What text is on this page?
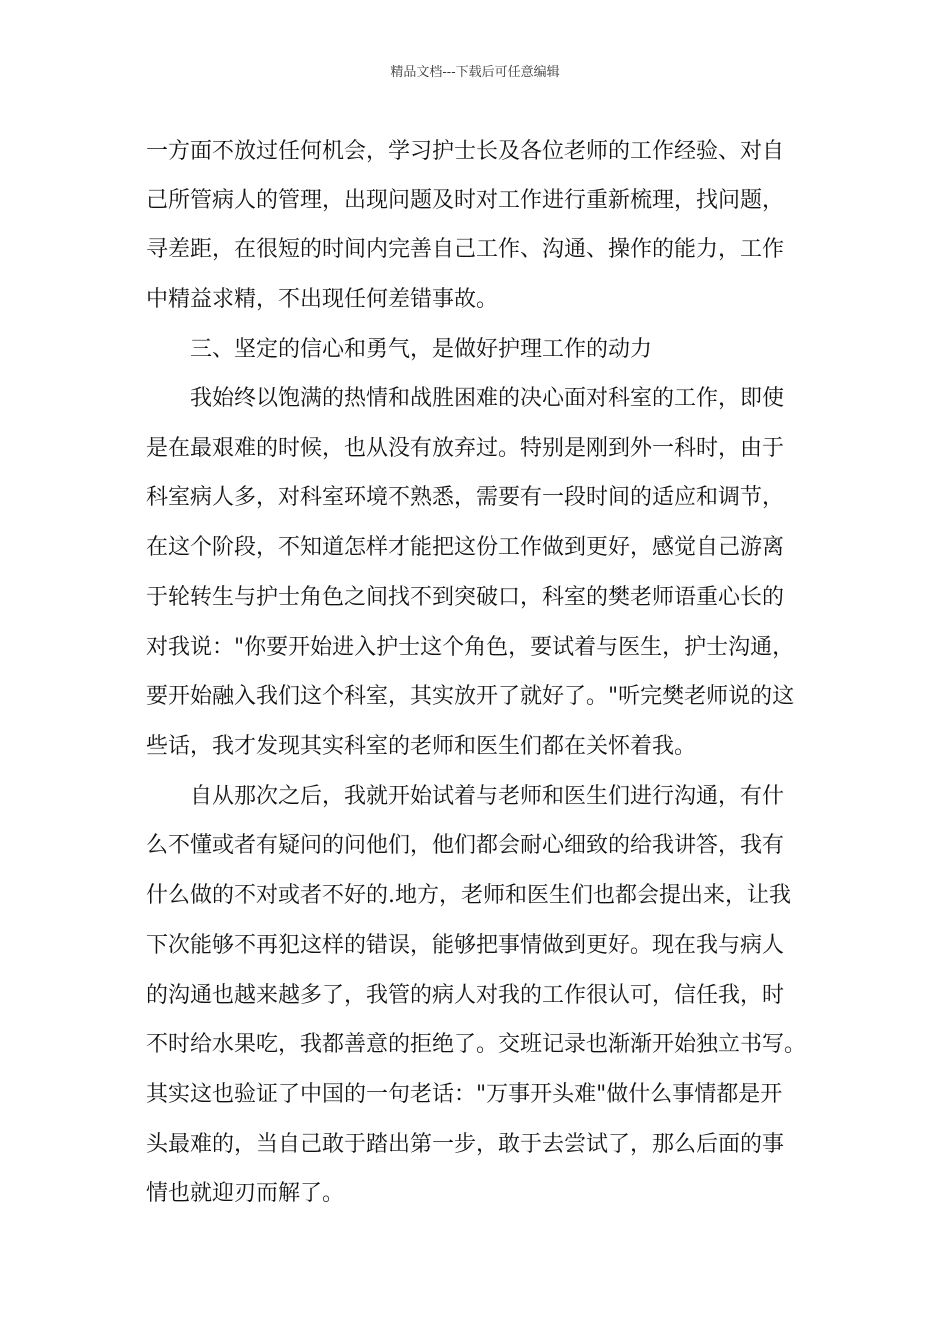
精品文档---下载后可任意编辑
一方面不放过任何机会，学习护士长及各位老师的工作经验、对自
己所管病人的管理，出现问题及时对工作进行重新梳理，找问题，
寻差距，在很短的时间内完善自己工作、沟通、操作的能力，工作
中精益求精，不出现任何差错事故。
三、坚定的信心和勇气，是做好护理工作的动力
我始终以饱满的热情和战胜困难的决心面对科室的工作，即使
是在最艰难的时候，也从没有放弃过。特别是刚到外一科时，由于
科室病人多，对科室环境不熟悉，需要有一段时间的适应和调节，
在这个阶段，不知道怎样才能把这份工作做到更好，感觉自己游离
于轮转生与护士角色之间找不到突破口，科室的樊老师语重心长的
对我说："你要开始进入护士这个角色，要试着与医生，护士沟通，
要开始融入我们这个科室，其实放开了就好了。"听完樊老师说的这
些话，我才发现其实科室的老师和医生们都在关怀着我。
自从那次之后，我就开始试着与老师和医生们进行沟通，有什
么不懂或者有疑问的问他们，他们都会耐心细致的给我讲答，我有
什么做的不对或者不好的.地方，老师和医生们也都会提出来，让我
下次能够不再犯这样的错误，能够把事情做到更好。现在我与病人
的沟通也越来越多了，我管的病人对我的工作很认可，信任我，时
不时给水果吃，我都善意的拒绝了。交班记录也渐渐开始独立书写。
其实这也验证了中国的一句老话："万事开头难"做什么事情都是开
头最难的，当自己敢于踏出第一步，敢于去尝试了，那么后面的事
情也就迎刃而解了。
